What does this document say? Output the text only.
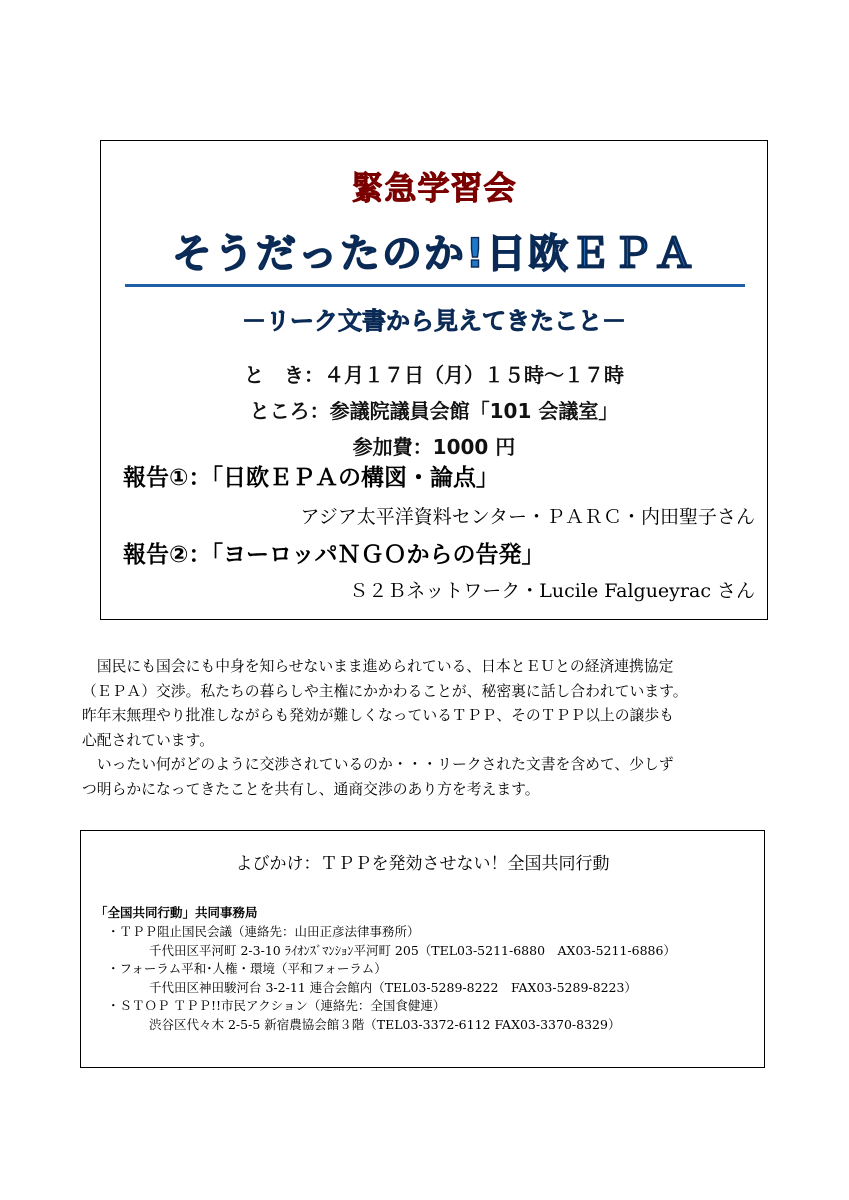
緊急学習会
そうだったのか!日欧ＥＰＡ
－リーク文書から見えてきたこと－
と　き：４月１７日（月）１５時～１７時
ところ：参議院議員会館「101 会議室」
参加費：1000 円
報告①：「日欧ＥＰＡの構図・論点」
アジア太平洋資料センター・ＰＡＲＣ・内田聖子さん
報告②：「ヨーロッパＮＧＯからの告発」
Ｓ２Ｂネットワーク・Lucile Falgueyrac さん

　国民にも国会にも中身を知らせないまま進められている、日本とＥＵとの経済連携協定

（ＥＰＡ）交渉。私たちの暮らしや主権にかかわることが、秘密裏に話し合われています。

昨年末無理やり批准しながらも発効が難しくなっているＴＰＰ、そのＴＰＰ以上の譲歩も

心配されています。

　いったい何がどのように交渉されているのか・・・リークされた文書を含めて、少しず

つ明らかになってきたことを共有し、通商交渉のあり方を考えます。

よびかけ：ＴＰＰを発効させない！全国共同行動
「全国共同行動」共同事務局
・ＴＰＰ阻止国民会議（連絡先：山田正彦法律事務所）
千代田区平河町 2-3-10 ﾗｲｵﾝｽﾞﾏﾝｼｮﾝ平河町 205（TEL03-5211-6880　AX03-5211-6886）
・フォーラム平和･人権・環境（平和フォーラム）
千代田区神田駿河台 3-2-11 連合会館内（TEL03-5289-8222　FAX03-5289-8223）
・ＳＴＯＰ ＴＰＰ!!市民アクション（連絡先：全国食健連）
渋谷区代々木 2-5-5 新宿農協会館３階（TEL03-3372-6112 FAX03-3370-8329）
